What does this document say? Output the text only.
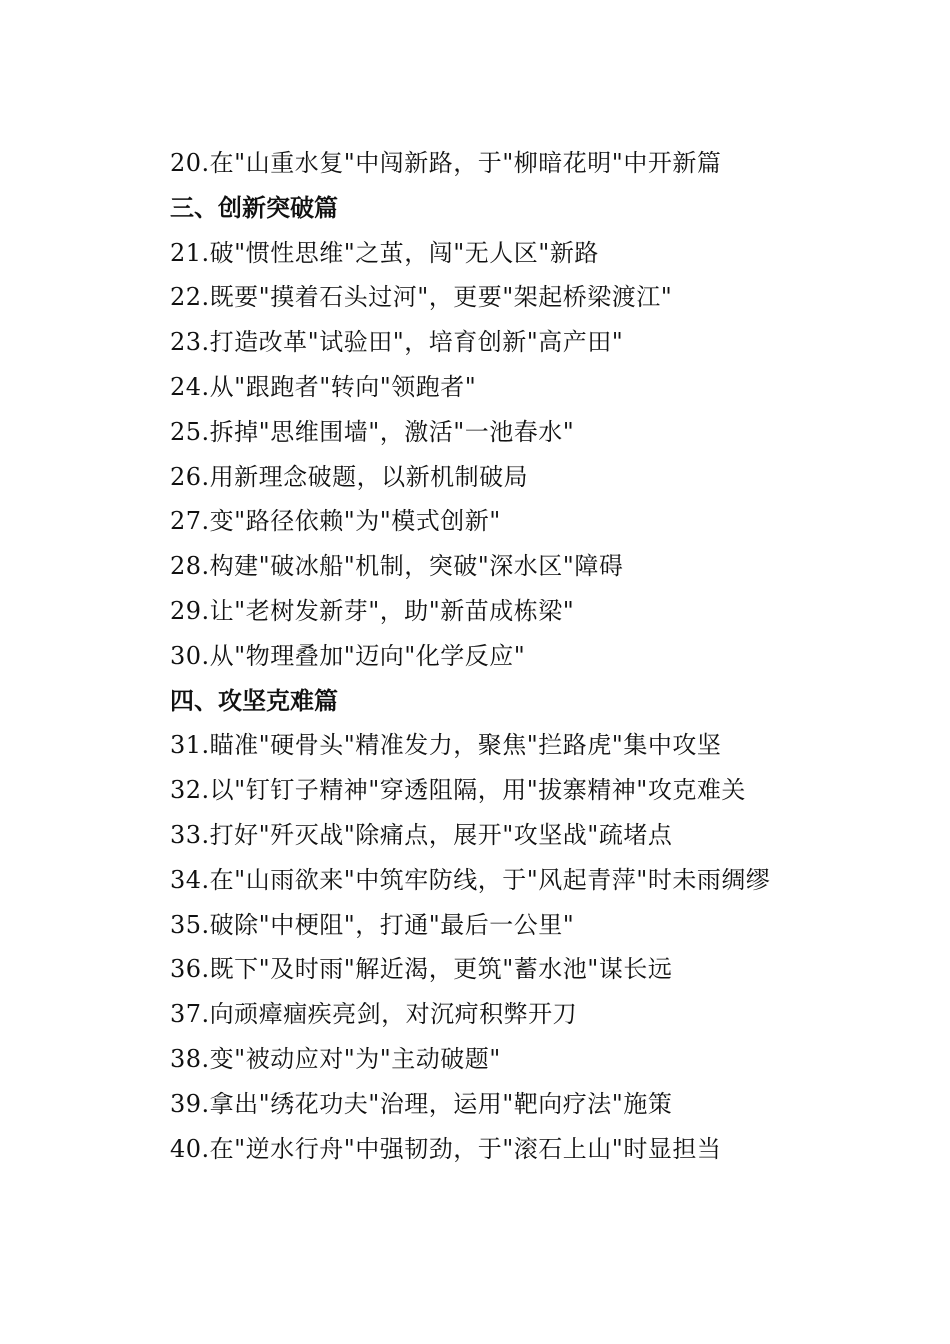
20.在"山重水复"中闯新路，于"柳暗花明"中开新篇
三、创新突破篇
21.破"惯性思维"之茧，闯"无人区"新路
22.既要"摸着石头过河"，更要"架起桥梁渡江"
23.打造改革"试验田"，培育创新"高产田"
24.从"跟跑者"转向"领跑者"
25.拆掉"思维围墙"，激活"一池春水"
26.用新理念破题，以新机制破局
27.变"路径依赖"为"模式创新"
28.构建"破冰船"机制，突破"深水区"障碍
29.让"老树发新芽"，助"新苗成栋梁"
30.从"物理叠加"迈向"化学反应"
四、攻坚克难篇
31.瞄准"硬骨头"精准发力，聚焦"拦路虎"集中攻坚
32.以"钉钉子精神"穿透阻隔，用"拔寨精神"攻克难关
33.打好"歼灭战"除痛点，展开"攻坚战"疏堵点
34.在"山雨欲来"中筑牢防线，于"风起青萍"时未雨绸缪
35.破除"中梗阻"，打通"最后一公里"
36.既下"及时雨"解近渴，更筑"蓄水池"谋长远
37.向顽瘴痼疾亮剑，对沉疴积弊开刀
38.变"被动应对"为"主动破题"
39.拿出"绣花功夫"治理，运用"靶向疗法"施策
40.在"逆水行舟"中强韧劲，于"滚石上山"时显担当
